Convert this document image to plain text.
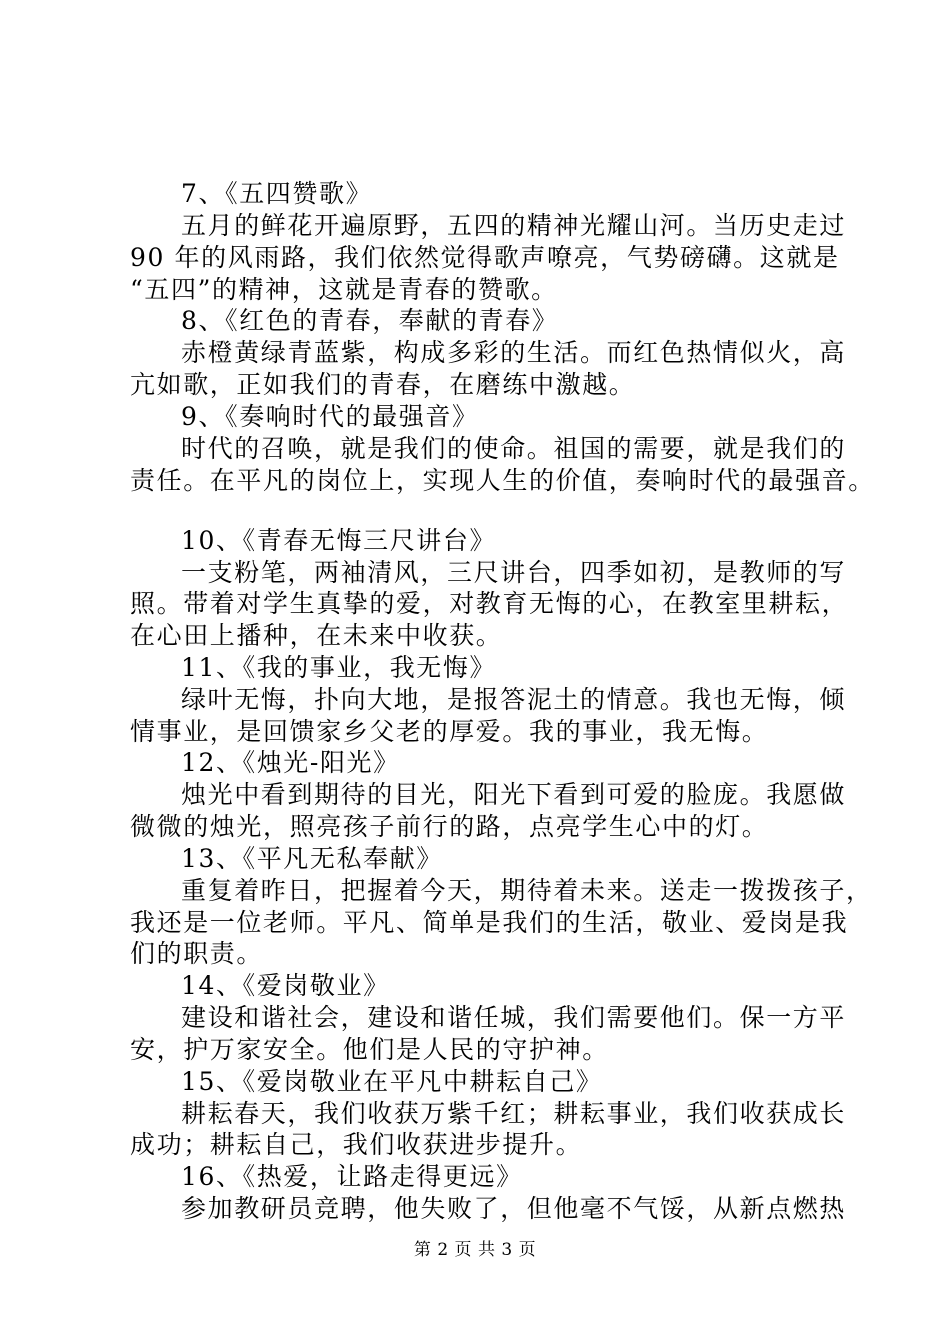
7、《五四赞歌》
五月的鲜花开遍原野，五四的精神光耀山河。当历史走过
90 年的风雨路，我们依然觉得歌声嘹亮，气势磅礴。这就是
“五四”的精神，这就是青春的赞歌。
8、《红色的青春，奉献的青春》
赤橙黄绿青蓝紫，构成多彩的生活。而红色热情似火，高
亢如歌，正如我们的青春，在磨练中激越。
9、《奏响时代的最强音》
时代的召唤，就是我们的使命。祖国的需要，就是我们的
责任。在平凡的岗位上，实现人生的价值，奏响时代的最强音。
10、《青春无悔三尺讲台》
一支粉笔，两袖清风，三尺讲台，四季如初，是教师的写
照。带着对学生真挚的爱，对教育无悔的心，在教室里耕耘，
在心田上播种，在未来中收获。
11、《我的事业，我无悔》
绿叶无悔，扑向大地，是报答泥土的情意。我也无悔，倾
情事业，是回馈家乡父老的厚爱。我的事业，我无悔。
12、《烛光-阳光》
烛光中看到期待的目光，阳光下看到可爱的脸庞。我愿做
微微的烛光，照亮孩子前行的路，点亮学生心中的灯。
13、《平凡无私奉献》
重复着昨日，把握着今天，期待着未来。送走一拨拨孩子，
我还是一位老师。平凡、简单是我们的生活，敬业、爱岗是我
们的职责。
14、《爱岗敬业》
建设和谐社会，建设和谐任城，我们需要他们。保一方平
安，护万家安全。他们是人民的守护神。
15、《爱岗敬业在平凡中耕耘自己》
耕耘春天，我们收获万紫千红；耕耘事业，我们收获成长
成功；耕耘自己，我们收获进步提升。
16、《热爱，让路走得更远》
参加教研员竞聘，他失败了，但他毫不气馁，从新点燃热
第 2 页 共 3 页
